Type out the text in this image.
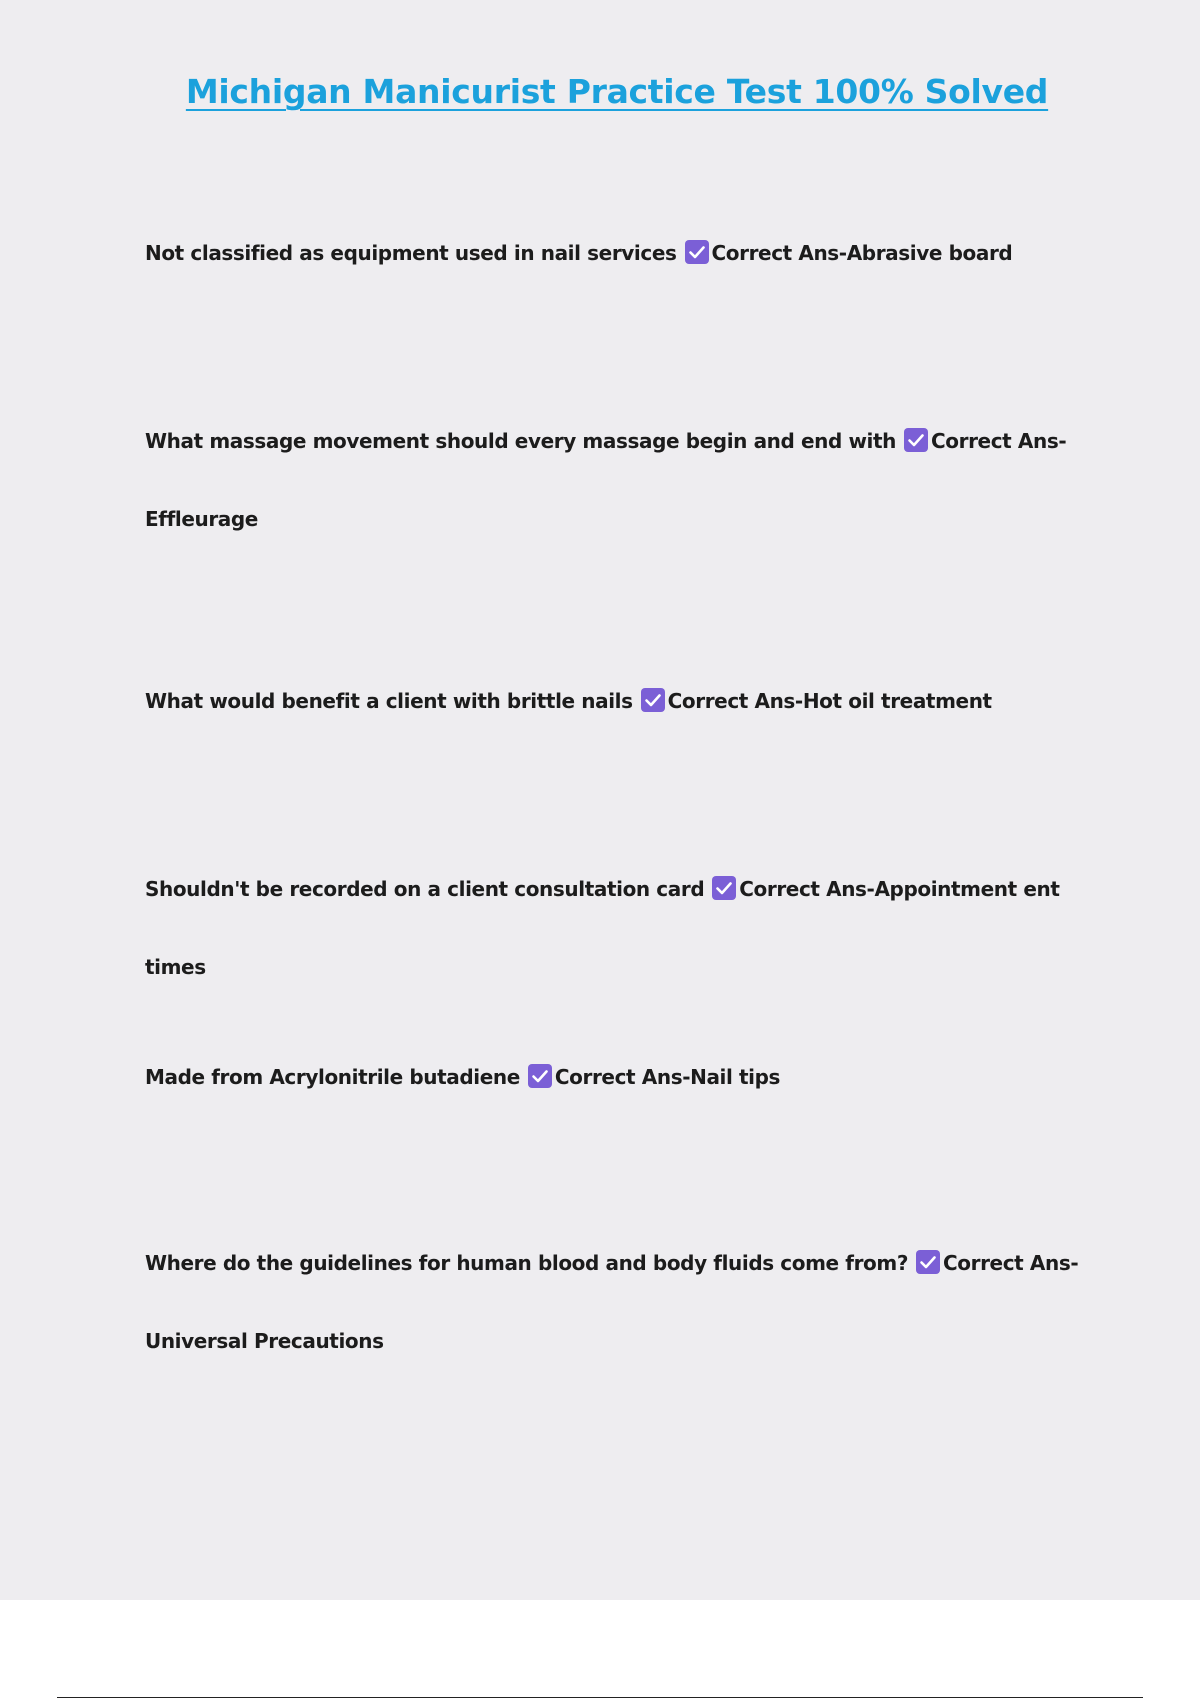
Michigan Manicurist Practice Test 100% Solved

Not classified as equipment used in nail services Correct Ans-Abrasive board

What massage movement should every massage begin and end with Correct Ans-Effleurage

What would benefit a client with brittle nails Correct Ans-Hot oil treatment

Shouldn't be recorded on a client consultation card Correct Ans-Appointment ent times

Made from Acrylonitrile butadiene Correct Ans-Nail tips

Where do the guidelines for human blood and body fluids come from? Correct Ans-Universal Precautions
